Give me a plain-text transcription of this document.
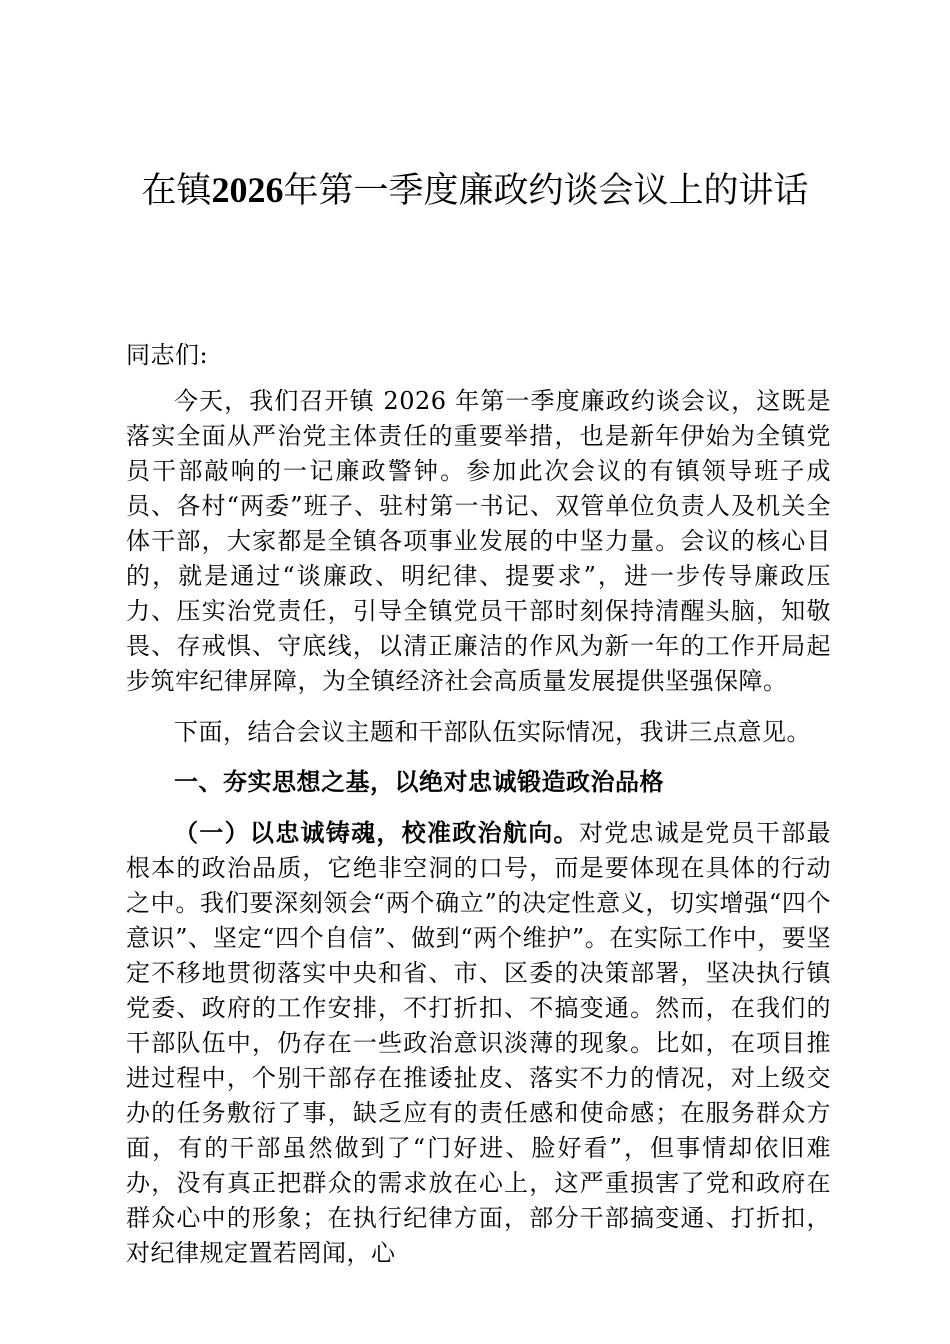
在镇2026年第一季度廉政约谈会议上的讲话

同志们:

今天，我们召开镇 2026 年第一季度廉政约谈会议，这既是落实全面从严治党主体责任的重要举措，也是新年伊始为全镇党员干部敲响的一记廉政警钟。参加此次会议的有镇领导班子成员、各村“两委”班子、驻村第一书记、双管单位负责人及机关全体干部，大家都是全镇各项事业发展的中坚力量。会议的核心目的，就是通过“谈廉政、明纪律、提要求”，进一步传导廉政压力、压实治党责任，引导全镇党员干部时刻保持清醒头脑，知敬畏、存戒惧、守底线，以清正廉洁的作风为新一年的工作开局起步筑牢纪律屏障，为全镇经济社会高质量发展提供坚强保障。

下面，结合会议主题和干部队伍实际情况，我讲三点意见。

一、夯实思想之基，以绝对忠诚锻造政治品格

（一）以忠诚铸魂，校准政治航向。对党忠诚是党员干部最根本的政治品质，它绝非空洞的口号，而是要体现在具体的行动之中。我们要深刻领会“两个确立”的决定性意义，切实增强“四个意识”、坚定“四个自信”、做到“两个维护”。在实际工作中，要坚定不移地贯彻落实中央和省、市、区委的决策部署，坚决执行镇党委、政府的工作安排，不打折扣、不搞变通。然而，在我们的干部队伍中，仍存在一些政治意识淡薄的现象。比如，在项目推进过程中，个别干部存在推诿扯皮、落实不力的情况，对上级交办的任务敷衍了事，缺乏应有的责任感和使命感；在服务群众方面，有的干部虽然做到了“门好进、脸好看”，但事情却依旧难办，没有真正把群众的需求放在心上，这严重损害了党和政府在群众心中的形象；在执行纪律方面，部分干部搞变通、打折扣，对纪律规定置若罔闻，心
